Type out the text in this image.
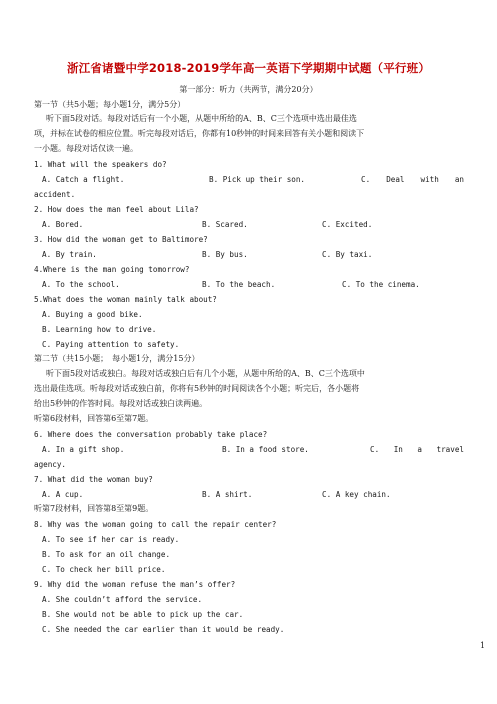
浙江省诸暨中学2018-2019学年高一英语下学期期中试题（平行班）
第一部分：听力（共两节，满分20分）
第一节（共5小题；每小题1分，满分5分）
听下面5段对话。每段对话后有一个小题，从题中所给的A、B、C三个选项中选出最佳选
项，并标在试卷的相应位置。听完每段对话后，你都有10秒钟的时间来回答有关小题和阅读下
一小题。每段对话仅读一遍。
1. What will the speakers do?
A. Catch a flight.	B. Pick up their son.	C. Deal with an
accident.
2. How does the man feel about Lila?
A. Bored.	B. Scared.	C. Excited.
3. How did the woman get to Baltimore?
A. By train.	B. By bus.	C. By taxi.
4.Where is the man going tomorrow?
A. To the school.	B. To the beach.	C. To the cinema.
5.What does the woman mainly talk about?
A. Buying a good bike.
B. Learning how to drive.
C. Paying attention to safety.
第二节（共15小题；　每小题1分，满分15分）
听下面5段对话或独白。每段对话或独白后有几个小题，从题中所给的A、B、C三个选项中
选出最佳选项。听每段对话或独白前，你将有5秒钟的时间阅读各个小题；听完后，各小题将
给出5秒钟的作答时间。每段对话或独白读两遍。
听第6段材料，回答第6至第7题。
6. Where does the conversation probably take place?
A. In a gift shop.	B. In a food store.	C. In a travel
agency.
7. What did the woman buy?
A. A cup.	B. A shirt.	C. A key chain.
听第7段材料，回答第8至第9题。
8. Why was the woman going to call the repair center?
A. To see if her car is ready.
B. To ask for an oil change.
C. To check her bill price.
9. Why did the woman refuse the man’s offer?
A. She couldn’t afford the service.
B. She would not be able to pick up the car.
C. She needed the car earlier than it would be ready.
1
